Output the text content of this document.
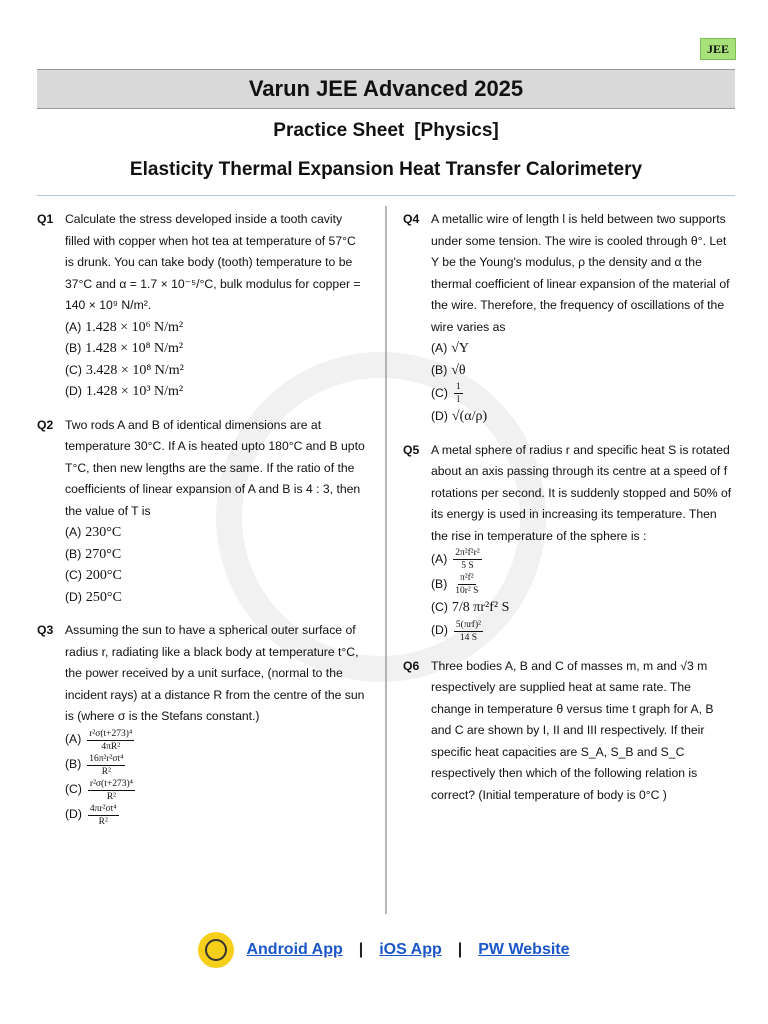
JEE
Varun JEE Advanced 2025
Practice Sheet [Physics]
Elasticity Thermal Expansion Heat Transfer Calorimetery
Q1 Calculate the stress developed inside a tooth cavity filled with copper when hot tea at temperature of 57°C is drunk. You can take body (tooth) temperature to be 37°C and α = 1.7 × 10⁻⁵/°C, bulk modulus for copper = 140 × 10⁹ N/m².
(A) 1.428 × 10⁶ N/m²
(B) 1.428 × 10⁸ N/m²
(C) 3.428 × 10⁸ N/m²
(D) 1.428 × 10³ N/m²
Q2 Two rods A and B of identical dimensions are at temperature 30°C. If A is heated upto 180°C and B upto T°C, then new lengths are the same. If the ratio of the coefficients of linear expansion of A and B is 4 : 3, then the value of T is
(A) 230°C
(B) 270°C
(C) 200°C
(D) 250°C
Q3 Assuming the sun to have a spherical outer surface of radius r, radiating like a black body at temperature t°C, the power received by a unit surface, (normal to the incident rays) at a distance R from the centre of the sun is (where σ is the Stefans constant.)
$(A) \frac{\text{r²σ(t+273)⁴}}{\text{4πR²}}$
$(B) \frac{\text{16π²r²σt⁴}}{\text{R²}}$
$(C) \frac{\text{r²σ(t+273)⁴}}{\text{R²}}$
$(D) \frac{\text{4πr²σt⁴}}{\text{R²}}$
Q4 A metallic wire of length l is held between two supports under some tension. The wire is cooled through θ°. Let Y be the Young's modulus, ρ the density and α the thermal coefficient of linear expansion of the material of the wire. Therefore, the frequency of oscillations of the wire varies as
(A) √Y
(B) √θ
$(C) \frac{1}{l}$
(D) √(α/ρ)
Q5 A metal sphere of radius r and specific heat S is rotated about an axis passing through its centre at a speed of f rotations per second. It is suddenly stopped and 50% of its energy is used in increasing its temperature. Then the rise in temperature of the sphere is :
$(A) \frac{\text{2π²f²r²}}{5 S}$
$(B) \frac{\text{π²f²}}{\text{10r² S}}$
(C) 7/8 πr²f² S
$(D) \frac{\text{5(πrf)²}}{14 S}$
Q6 Three bodies A, B and C of masses m, m and √3 m respectively are supplied heat at same rate. The change in temperature θ versus time t graph for A, B and C are shown by I, II and III respectively. If their specific heat capacities are S_A, S_B and S_C respectively then which of the following relation is correct? (Initial temperature of body is 0°C )
Android App | iOS App | PW Website
